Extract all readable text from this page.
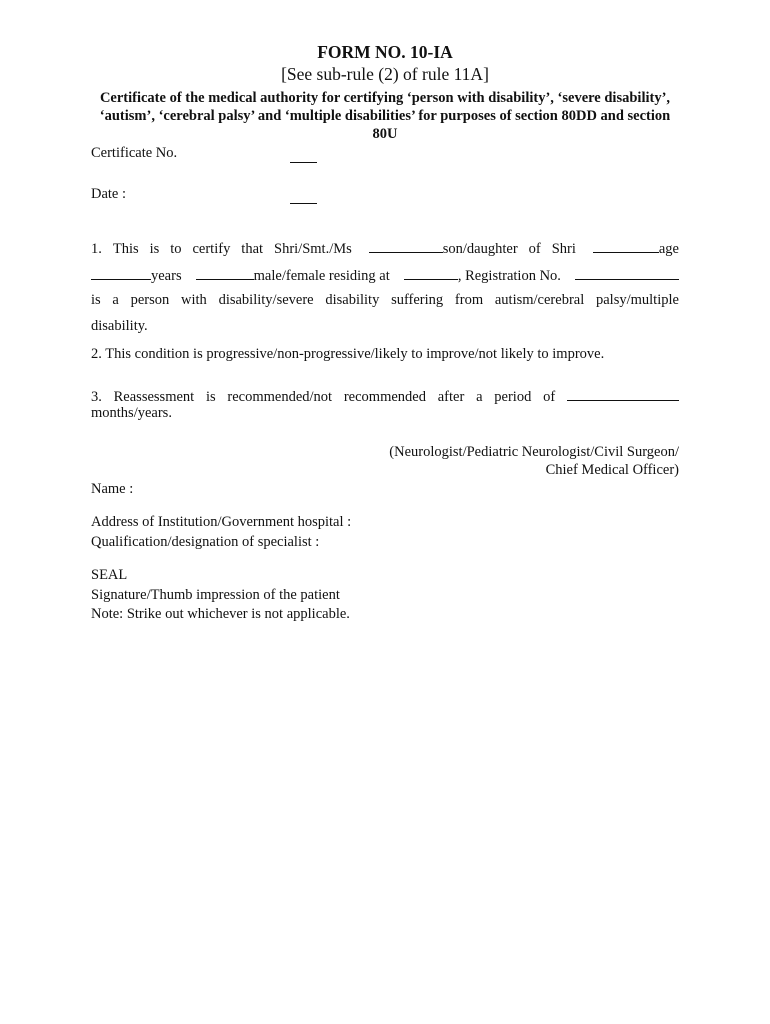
FORM NO. 10-IA
[See sub-rule (2) of rule 11A]
Certificate of the medical authority for certifying ‘person with disability’, ‘severe disability’, ‘autism’, ‘cerebral palsy’ and ‘multiple disabilities’ for purposes of section 80DD and section 80U
Certificate No.
Date :
1. This is to certify that Shri/Smt./Ms	son/daughter of Shri	age
years	male/female residing at	, Registration No.
is a person with disability/severe disability suffering from autism/cerebral palsy/multiple
disability.
2. This condition is progressive/non-progressive/likely to improve/not likely to improve.
3. Reassessment is recommended/not recommended after a period of
months/years.
(Neurologist/Pediatric Neurologist/Civil Surgeon/
Chief Medical Officer)
Name :
Address of Institution/Government hospital :
Qualification/designation of specialist :
SEAL
Signature/Thumb impression of the patient
Note: Strike out whichever is not applicable.
